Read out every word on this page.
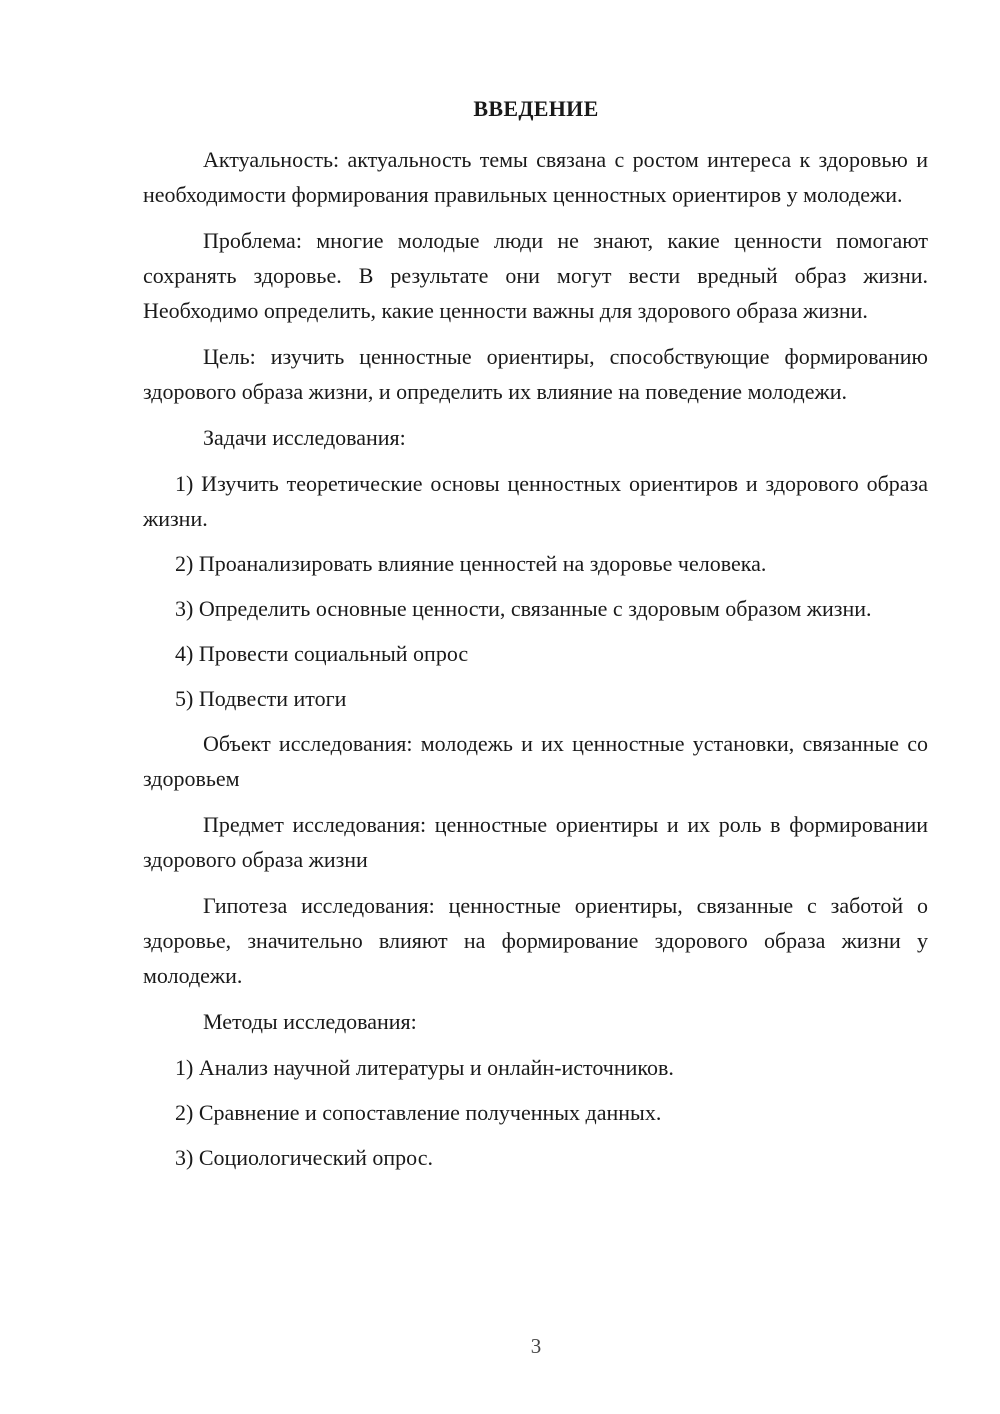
ВВЕДЕНИЕ

Актуальность: актуальность темы связана с ростом интереса к здоровью и необходимости формирования правильных ценностных ориентиров у молодежи.

Проблема: многие молодые люди не знают, какие ценности помогают сохранять здоровье. В результате они могут вести вредный образ жизни. Необходимо определить, какие ценности важны для здорового образа жизни.

Цель: изучить ценностные ориентиры, способствующие формированию здорового образа жизни, и определить их влияние на поведение молодежи.

Задачи исследования:

1) Изучить теоретические основы ценностных ориентиров и здорового образа жизни.

2) Проанализировать влияние ценностей на здоровье человека.

3) Определить основные ценности, связанные с здоровым образом жизни.

4) Провести социальный опрос

5) Подвести итоги

Объект исследования: молодежь и их ценностные установки, связанные со здоровьем

Предмет исследования: ценностные ориентиры и их роль в формировании здорового образа жизни

Гипотеза исследования: ценностные ориентиры, связанные с заботой о здоровье, значительно влияют на формирование здорового образа жизни у молодежи.

Методы исследования:

1) Анализ научной литературы и онлайн-источников.

2) Сравнение и сопоставление полученных данных.

3) Социологический опрос.

3
